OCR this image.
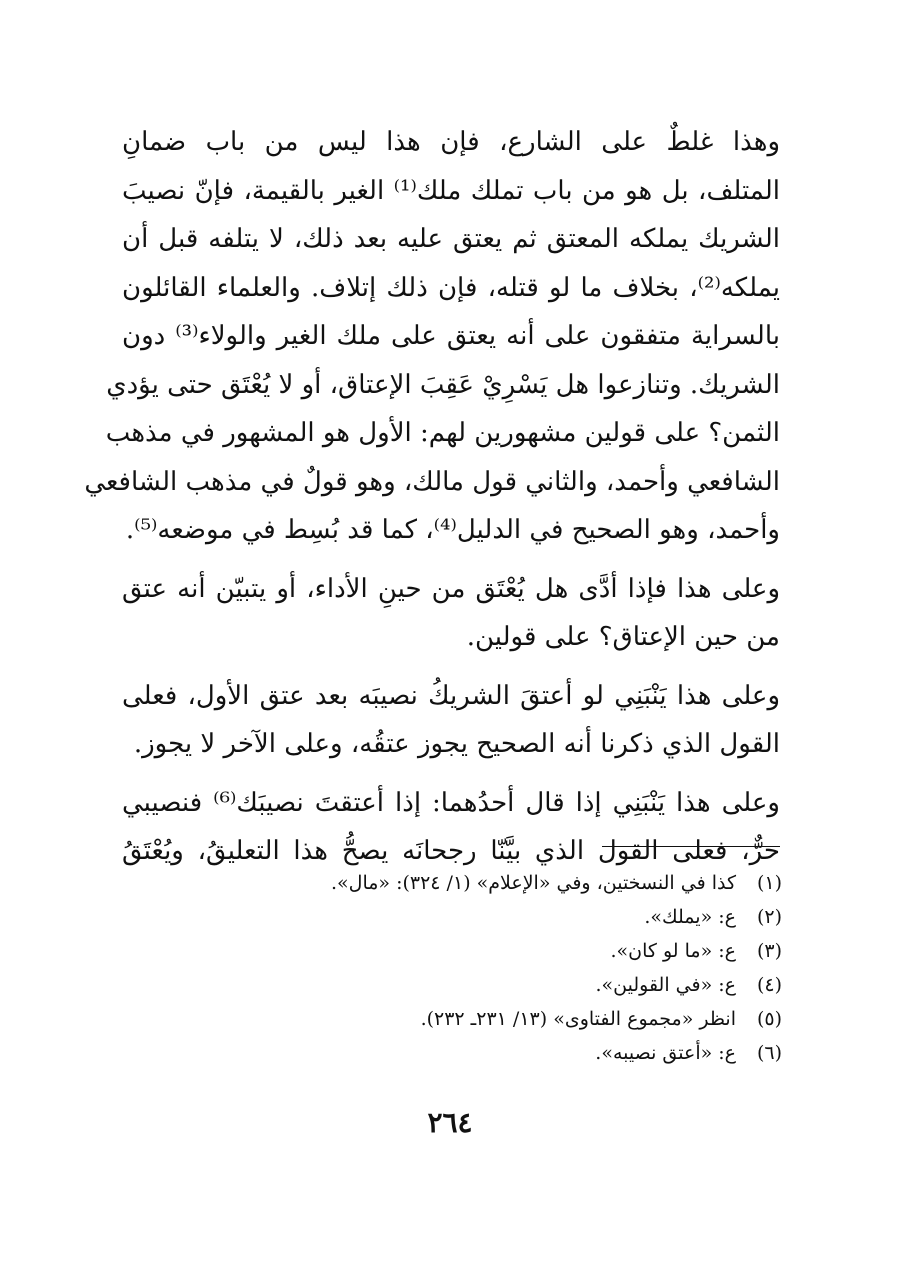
وهذا غلطٌ على الشارع، فإن هذا ليس من باب ضمانِ
المتلف، بل هو من باب تملك ملك⁽¹⁾ الغير بالقيمة، فإنّ نصيبَ
الشريك يملكه المعتق ثم يعتق عليه بعد ذلك، لا يتلفه قبل أن
يملكه⁽²⁾، بخلاف ما لو قتله، فإن ذلك إتلاف. والعلماء القائلون
بالسراية متفقون على أنه يعتق على ملك الغير والولاء⁽³⁾ دون
الشريك. وتنازعوا هل يَسْرِيْ عَقِبَ الإعتاق، أو لا يُعْتَق حتى يؤدي
الثمن؟ على قولين مشهورين لهم: الأول هو المشهور في مذهب
الشافعي وأحمد، والثاني قول مالك، وهو قولٌ في مذهب الشافعي
وأحمد، وهو الصحيح في الدليل⁽⁴⁾، كما قد بُسِط في موضعه⁽⁵⁾.
وعلى هذا فإذا أدَّى هل يُعْتَق من حينِ الأداء، أو يتبيّن أنه عتق
من حين الإعتاق؟ على قولين.
وعلى هذا يَنْبَنِي لو أعتقَ الشريكُ نصيبَه بعد عتق الأول، فعلى
القول الذي ذكرنا أنه الصحيح يجوز عتقُه، وعلى الآخر لا يجوز.
وعلى هذا يَنْبَنِي إذا قال أحدُهما: إذا أعتقتَ نصيبَك⁽⁶⁾ فنصيبي
حرٌّ، فعلى القول الذي بيَّنّا رجحانَه يصحُّ هذا التعليقُ، ويُعْتَقُ
(١)كذا في النسختين، وفي «الإعلام» (١/ ٣٢٤): «مال».
(٢)ع: «يملك».
(٣)ع: «ما لو كان».
(٤)ع: «في القولين».
(٥)انظر «مجموع الفتاوى» (١٣/ ٢٣١ـ ٢٣٢).
(٦)ع: «أعتق نصيبه».
٢٦٤
